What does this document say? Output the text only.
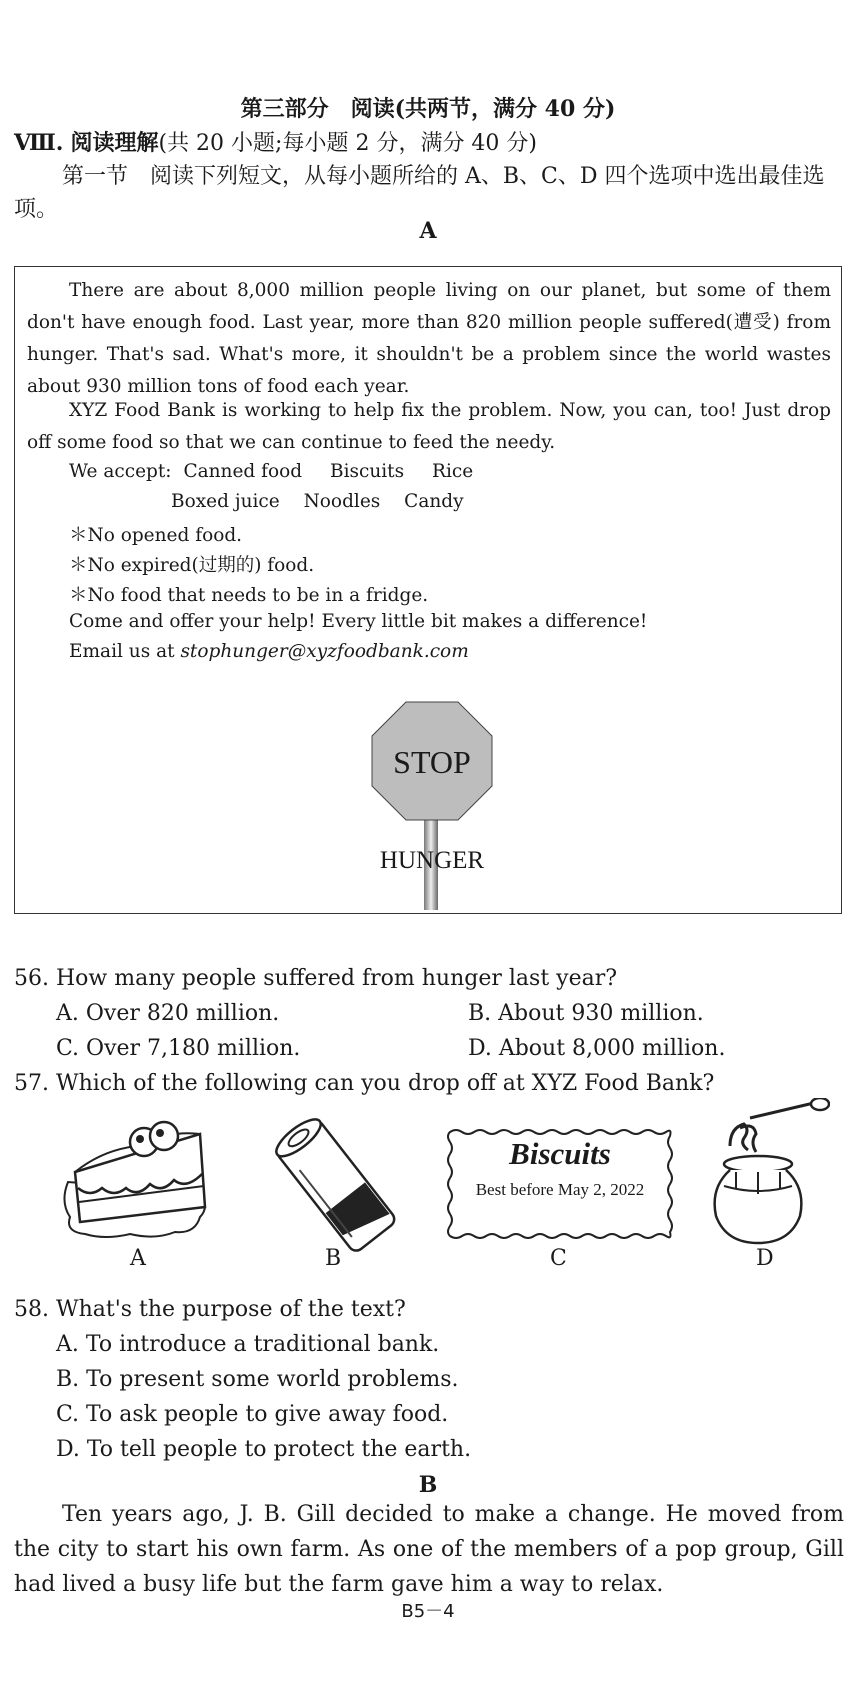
第三部分　阅读(共两节，满分 40 分)
Ⅷ. 阅读理解(共 20 小题;每小题 2 分，满分 40 分)
第一节　阅读下列短文，从每小题所给的 A、B、C、D 四个选项中选出最佳选项。
A
There are about 8,000 million people living on our planet, but some of them don't have enough food. Last year, more than 820 million people suffered(遭受) from hunger. That's sad. What's more, it shouldn't be a problem since the world wastes about 930 million tons of food each year.
XYZ Food Bank is working to help fix the problem. Now, you can, too! Just drop off some food so that we can continue to feed the needy.
We accept: Canned food Biscuits Rice
Boxed juice Noodles Candy
＊No opened food.
＊No expired(过期的) food.
＊No food that needs to be in a fridge.
Come and offer your help! Every little bit makes a difference!
Email us at stophunger@xyzfoodbank.com
STOP
HUNGER
56. How many people suffered from hunger last year?
A. Over 820 million.	B. About 930 million.
C. Over 7,180 million.	D. About 8,000 million.
57. Which of the following can you drop off at XYZ Food Bank?
A	B
Biscuits
Best before May 2, 2022
C	D
58. What's the purpose of the text?
A. To introduce a traditional bank.
B. To present some world problems.
C. To ask people to give away food.
D. To tell people to protect the earth.
B
Ten years ago, J. B. Gill decided to make a change. He moved from the city to start his own farm. As one of the members of a pop group, Gill had lived a busy life but the farm gave him a way to relax.
B5－4
